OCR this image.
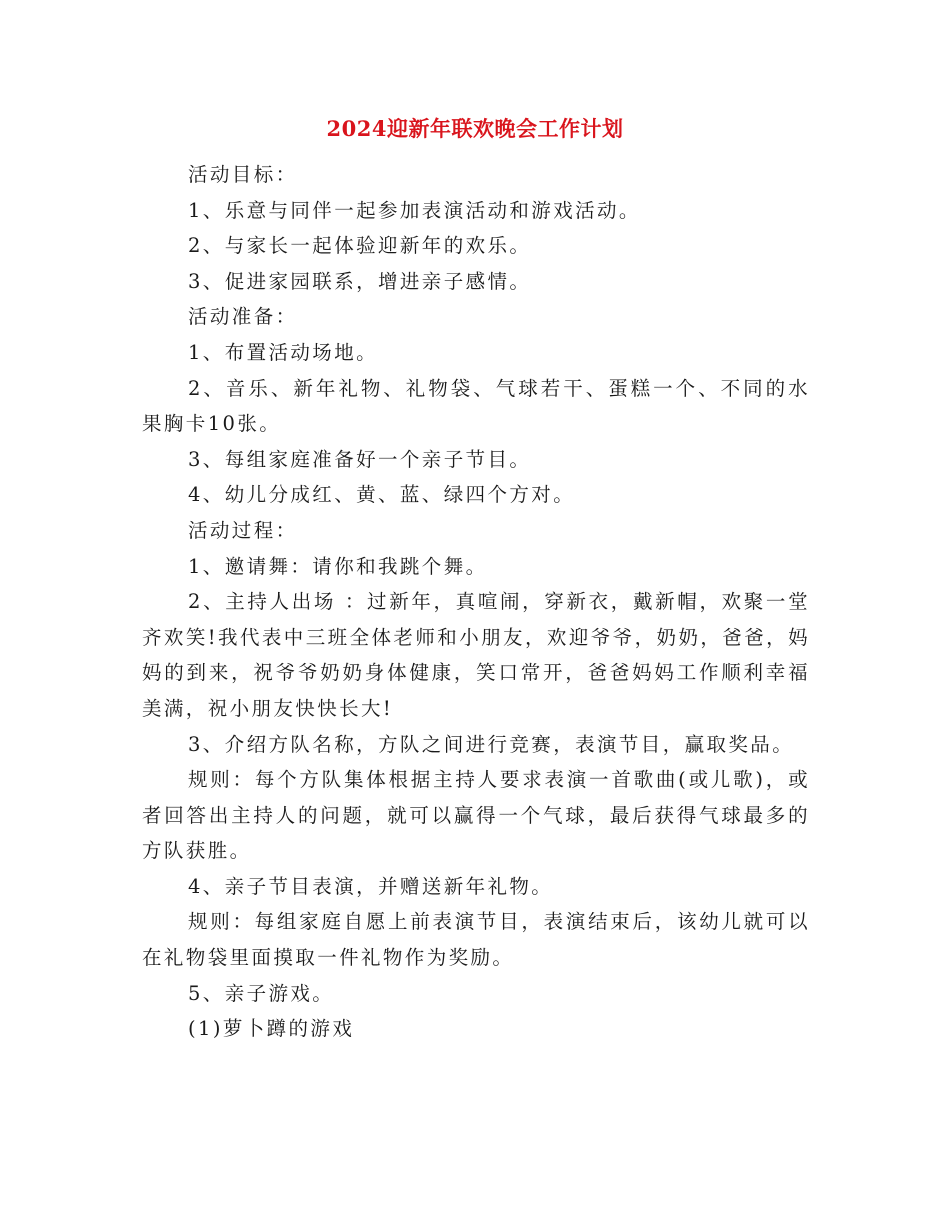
2024迎新年联欢晚会工作计划

活动目标：

1、乐意与同伴一起参加表演活动和游戏活动。

2、与家长一起体验迎新年的欢乐。

3、促进家园联系，增进亲子感情。

活动准备：

1、布置活动场地。

2、音乐、新年礼物、礼物袋、气球若干、蛋糕一个、不同的水果胸卡10张。

3、每组家庭准备好一个亲子节目。

4、幼儿分成红、黄、蓝、绿四个方对。

活动过程：

1、邀请舞：请你和我跳个舞。

2、主持人出场 ：过新年，真喧闹，穿新衣，戴新帽，欢聚一堂齐欢笑!我代表中三班全体老师和小朋友，欢迎爷爷，奶奶，爸爸，妈妈的到来，祝爷爷奶奶身体健康，笑口常开，爸爸妈妈工作顺利幸福美满，祝小朋友快快长大!

3、介绍方队名称，方队之间进行竞赛，表演节目，赢取奖品。

规则：每个方队集体根据主持人要求表演一首歌曲(或儿歌)，或者回答出主持人的问题，就可以赢得一个气球，最后获得气球最多的方队获胜。

4、亲子节目表演，并赠送新年礼物。

规则：每组家庭自愿上前表演节目，表演结束后，该幼儿就可以在礼物袋里面摸取一件礼物作为奖励。

5、亲子游戏。

(1)萝卜蹲的游戏
